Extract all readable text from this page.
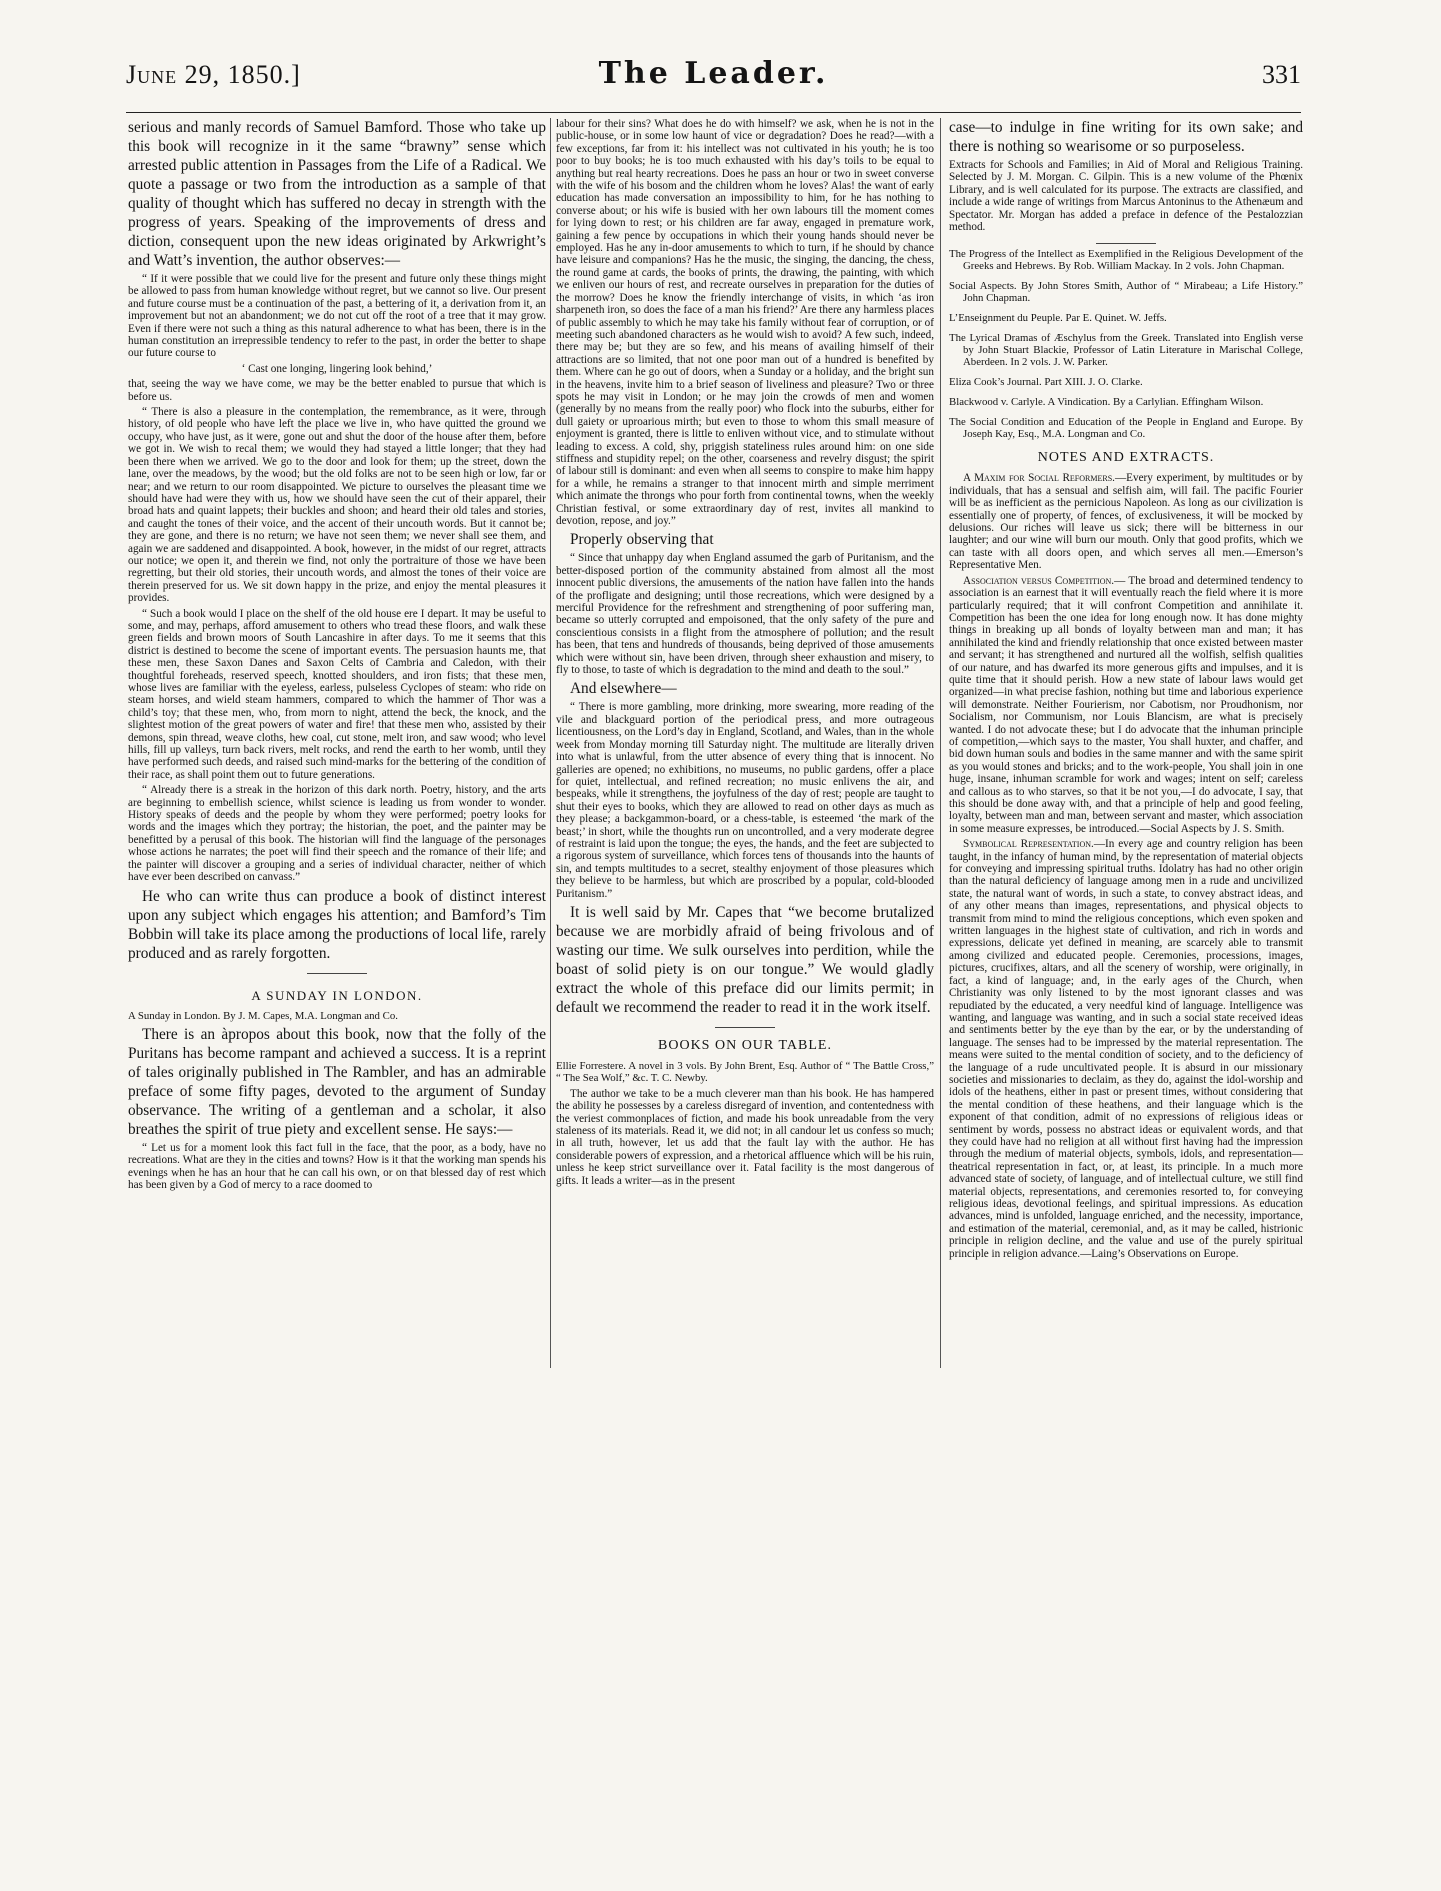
June 29, 1850.]	The Leader.	331

serious and manly records of Samuel Bamford. Those who take up this book will recognize in it the same “brawny” sense which arrested public attention in Passages from the Life of a Radical. We quote a passage or two from the introduction as a sample of that quality of thought which has suffered no decay in strength with the progress of years. Speaking of the improvements of dress and diction, consequent upon the new ideas originated by Arkwright’s and Watt’s invention, the author observes:—

“ If it were possible that we could live for the present and future only these things might be allowed to pass from human knowledge without regret, but we cannot so live. Our present and future course must be a continuation of the past, a bettering of it, a derivation from it, an improvement but not an abandonment; we do not cut off the root of a tree that it may grow. Even if there were not such a thing as this natural adherence to what has been, there is in the human constitution an irrepressible tendency to refer to the past, in order the better to shape our future course to

‘ Cast one longing, lingering look behind,’

that, seeing the way we have come, we may be the better enabled to pursue that which is before us.

“ There is also a pleasure in the contemplation, the remembrance, as it were, through history, of old people who have left the place we live in, who have quitted the ground we occupy, who have just, as it were, gone out and shut the door of the house after them, before we got in. We wish to recal them; we would they had stayed a little longer; that they had been there when we arrived. We go to the door and look for them; up the street, down the lane, over the meadows, by the wood; but the old folks are not to be seen high or low, far or near; and we return to our room disappointed. We picture to ourselves the pleasant time we should have had were they with us, how we should have seen the cut of their apparel, their broad hats and quaint lappets; their buckles and shoon; and heard their old tales and stories, and caught the tones of their voice, and the accent of their uncouth words. But it cannot be; they are gone, and there is no return; we have not seen them; we never shall see them, and again we are saddened and disappointed. A book, however, in the midst of our regret, attracts our notice; we open it, and therein we find, not only the portraiture of those we have been regretting, but their old stories, their uncouth words, and almost the tones of their voice are therein preserved for us. We sit down happy in the prize, and enjoy the mental pleasures it provides.

“ Such a book would I place on the shelf of the old house ere I depart. It may be useful to some, and may, perhaps, afford amusement to others who tread these floors, and walk these green fields and brown moors of South Lancashire in after days. To me it seems that this district is destined to become the scene of important events. The persuasion haunts me, that these men, these Saxon Danes and Saxon Celts of Cambria and Caledon, with their thoughtful foreheads, reserved speech, knotted shoulders, and iron fists; that these men, whose lives are familiar with the eyeless, earless, pulseless Cyclopes of steam: who ride on steam horses, and wield steam hammers, compared to which the hammer of Thor was a child’s toy; that these men, who, from morn to night, attend the beck, the knock, and the slightest motion of the great powers of water and fire! that these men who, assisted by their demons, spin thread, weave cloths, hew coal, cut stone, melt iron, and saw wood; who level hills, fill up valleys, turn back rivers, melt rocks, and rend the earth to her womb, until they have performed such deeds, and raised such mind-marks for the bettering of the condition of their race, as shall point them out to future generations.

“ Already there is a streak in the horizon of this dark north. Poetry, history, and the arts are beginning to embellish science, whilst science is leading us from wonder to wonder. History speaks of deeds and the people by whom they were performed; poetry looks for words and the images which they portray; the historian, the poet, and the painter may be benefitted by a perusal of this book. The historian will find the language of the personages whose actions he narrates; the poet will find their speech and the romance of their life; and the painter will discover a grouping and a series of individual character, neither of which have ever been described on canvass.”

He who can write thus can produce a book of distinct interest upon any subject which engages his attention; and Bamford’s Tim Bobbin will take its place among the productions of local life, rarely produced and as rarely forgotten.

A SUNDAY IN LONDON.

A Sunday in London. By J. M. Capes, M.A. Longman and Co.

There is an àpropos about this book, now that the folly of the Puritans has become rampant and achieved a success. It is a reprint of tales originally published in The Rambler, and has an admirable preface of some fifty pages, devoted to the argument of Sunday observance. The writing of a gentleman and a scholar, it also breathes the spirit of true piety and excellent sense. He says:—

“ Let us for a moment look this fact full in the face, that the poor, as a body, have no recreations. What are they in the cities and towns? How is it that the working man spends his evenings when he has an hour that he can call his own, or on that blessed day of rest which has been given by a God of mercy to a race doomed to

labour for their sins? What does he do with himself? we ask, when he is not in the public-house, or in some low haunt of vice or degradation? Does he read?—with a few exceptions, far from it: his intellect was not cultivated in his youth; he is too poor to buy books; he is too much exhausted with his day’s toils to be equal to anything but real hearty recreations. Does he pass an hour or two in sweet converse with the wife of his bosom and the children whom he loves? Alas! the want of early education has made conversation an impossibility to him, for he has nothing to converse about; or his wife is busied with her own labours till the moment comes for lying down to rest; or his children are far away, engaged in premature work, gaining a few pence by occupations in which their young hands should never be employed. Has he any in-door amusements to which to turn, if he should by chance have leisure and companions? Has he the music, the singing, the dancing, the chess, the round game at cards, the books of prints, the drawing, the painting, with which we enliven our hours of rest, and recreate ourselves in preparation for the duties of the morrow? Does he know the friendly interchange of visits, in which ‘as iron sharpeneth iron, so does the face of a man his friend?’ Are there any harmless places of public assembly to which he may take his family without fear of corruption, or of meeting such abandoned characters as he would wish to avoid? A few such, indeed, there may be; but they are so few, and his means of availing himself of their attractions are so limited, that not one poor man out of a hundred is benefited by them. Where can he go out of doors, when a Sunday or a holiday, and the bright sun in the heavens, invite him to a brief season of liveliness and pleasure? Two or three spots he may visit in London; or he may join the crowds of men and women (generally by no means from the really poor) who flock into the suburbs, either for dull gaiety or uproarious mirth; but even to those to whom this small measure of enjoyment is granted, there is little to enliven without vice, and to stimulate without leading to excess. A cold, shy, priggish stateliness rules around him: on one side stiffness and stupidity repel; on the other, coarseness and revelry disgust; the spirit of labour still is dominant: and even when all seems to conspire to make him happy for a while, he remains a stranger to that innocent mirth and simple merriment which animate the throngs who pour forth from continental towns, when the weekly Christian festival, or some extraordinary day of rest, invites all mankind to devotion, repose, and joy.”

Properly observing that

“ Since that unhappy day when England assumed the garb of Puritanism, and the better-disposed portion of the community abstained from almost all the most innocent public diversions, the amusements of the nation have fallen into the hands of the profligate and designing; until those recreations, which were designed by a merciful Providence for the refreshment and strengthening of poor suffering man, became so utterly corrupted and empoisoned, that the only safety of the pure and conscientious consists in a flight from the atmosphere of pollution; and the result has been, that tens and hundreds of thousands, being deprived of those amusements which were without sin, have been driven, through sheer exhaustion and misery, to fly to those, to taste of which is degradation to the mind and death to the soul.”

And elsewhere—

“ There is more gambling, more drinking, more swearing, more reading of the vile and blackguard portion of the periodical press, and more outrageous licentiousness, on the Lord’s day in England, Scotland, and Wales, than in the whole week from Monday morning till Saturday night. The multitude are literally driven into what is unlawful, from the utter absence of every thing that is innocent. No galleries are opened; no exhibitions, no museums, no public gardens, offer a place for quiet, intellectual, and refined recreation; no music enlivens the air, and bespeaks, while it strengthens, the joyfulness of the day of rest; people are taught to shut their eyes to books, which they are allowed to read on other days as much as they please; a backgammon-board, or a chess-table, is esteemed ‘the mark of the beast;’ in short, while the thoughts run on uncontrolled, and a very moderate degree of restraint is laid upon the tongue; the eyes, the hands, and the feet are subjected to a rigorous system of surveillance, which forces tens of thousands into the haunts of sin, and tempts multitudes to a secret, stealthy enjoyment of those pleasures which they believe to be harmless, but which are proscribed by a popular, cold-blooded Puritanism.”

It is well said by Mr. Capes that “we become brutalized because we are morbidly afraid of being frivolous and of wasting our time. We sulk ourselves into perdition, while the boast of solid piety is on our tongue.” We would gladly extract the whole of this preface did our limits permit; in default we recommend the reader to read it in the work itself.

BOOKS ON OUR TABLE.

Ellie Forrestere. A novel in 3 vols. By John Brent, Esq. Author of “ The Battle Cross,” “ The Sea Wolf,” &c. T. C. Newby.

The author we take to be a much cleverer man than his book. He has hampered the ability he possesses by a careless disregard of invention, and contentedness with the veriest commonplaces of fiction, and made his book unreadable from the very staleness of its materials. Read it, we did not; in all candour let us confess so much; in all truth, however, let us add that the fault lay with the author. He has considerable powers of expression, and a rhetorical affluence which will be his ruin, unless he keep strict surveillance over it. Fatal facility is the most dangerous of gifts. It leads a writer—as in the present

case—to indulge in fine writing for its own sake; and there is nothing so wearisome or so purposeless.

Extracts for Schools and Families; in Aid of Moral and Religious Training. Selected by J. M. Morgan. C. Gilpin. This is a new volume of the Phœnix Library, and is well calculated for its purpose. The extracts are classified, and include a wide range of writings from Marcus Antoninus to the Athenæum and Spectator. Mr. Morgan has added a preface in defence of the Pestalozzian method.

The Progress of the Intellect as Exemplified in the Religious Development of the Greeks and Hebrews. By Rob. William Mackay. In 2 vols. John Chapman.

Social Aspects. By John Stores Smith, Author of “ Mirabeau; a Life History.” John Chapman.

L’Enseignment du Peuple. Par E. Quinet. W. Jeffs.

The Lyrical Dramas of Æschylus from the Greek. Translated into English verse by John Stuart Blackie, Professor of Latin Literature in Marischal College, Aberdeen. In 2 vols. J. W. Parker.

Eliza Cook’s Journal. Part XIII. J. O. Clarke.

Blackwood v. Carlyle. A Vindication. By a Carlylian. Effingham Wilson.

The Social Condition and Education of the People in England and Europe. By Joseph Kay, Esq., M.A. Longman and Co.

NOTES AND EXTRACTS.

A Maxim for Social Reformers.—Every experiment, by multitudes or by individuals, that has a sensual and selfish aim, will fail. The pacific Fourier will be as inefficient as the pernicious Napoleon. As long as our civilization is essentially one of property, of fences, of exclusiveness, it will be mocked by delusions. Our riches will leave us sick; there will be bitterness in our laughter; and our wine will burn our mouth. Only that good profits, which we can taste with all doors open, and which serves all men.—Emerson’s Representative Men.

Association versus Competition.— The broad and determined tendency to association is an earnest that it will eventually reach the field where it is more particularly required; that it will confront Competition and annihilate it. Competition has been the one idea for long enough now. It has done mighty things in breaking up all bonds of loyalty between man and man; it has annihilated the kind and friendly relationship that once existed between master and servant; it has strengthened and nurtured all the wolfish, selfish qualities of our nature, and has dwarfed its more generous gifts and impulses, and it is quite time that it should perish. How a new state of labour laws would get organized—in what precise fashion, nothing but time and laborious experience will demonstrate. Neither Fourierism, nor Cabotism, nor Proudhonism, nor Socialism, nor Communism, nor Louis Blancism, are what is precisely wanted. I do not advocate these; but I do advocate that the inhuman principle of competition,—which says to the master, You shall huxter, and chaffer, and bid down human souls and bodies in the same manner and with the same spirit as you would stones and bricks; and to the work-people, You shall join in one huge, insane, inhuman scramble for work and wages; intent on self; careless and callous as to who starves, so that it be not you,—I do advocate, I say, that this should be done away with, and that a principle of help and good feeling, loyalty, between man and man, between servant and master, which association in some measure expresses, be introduced.—Social Aspects by J. S. Smith.

Symbolical Representation.—In every age and country religion has been taught, in the infancy of human mind, by the representation of material objects for conveying and impressing spiritual truths. Idolatry has had no other origin than the natural deficiency of language among men in a rude and uncivilized state, the natural want of words, in such a state, to convey abstract ideas, and of any other means than images, representations, and physical objects to transmit from mind to mind the religious conceptions, which even spoken and written languages in the highest state of cultivation, and rich in words and expressions, delicate yet defined in meaning, are scarcely able to transmit among civilized and educated people. Ceremonies, processions, images, pictures, crucifixes, altars, and all the scenery of worship, were originally, in fact, a kind of language; and, in the early ages of the Church, when Christianity was only listened to by the most ignorant classes and was repudiated by the educated, a very needful kind of language. Intelligence was wanting, and language was wanting, and in such a social state received ideas and sentiments better by the eye than by the ear, or by the understanding of language. The senses had to be impressed by the material representation. The means were suited to the mental condition of society, and to the deficiency of the language of a rude uncultivated people. It is absurd in our missionary societies and missionaries to declaim, as they do, against the idol-worship and idols of the heathens, either in past or present times, without considering that the mental condition of these heathens, and their language which is the exponent of that condition, admit of no expressions of religious ideas or sentiment by words, possess no abstract ideas or equivalent words, and that they could have had no religion at all without first having had the impression through the medium of material objects, symbols, idols, and representation—theatrical representation in fact, or, at least, its principle. In a much more advanced state of society, of language, and of intellectual culture, we still find material objects, representations, and ceremonies resorted to, for conveying religious ideas, devotional feelings, and spiritual impressions. As education advances, mind is unfolded, language enriched, and the necessity, importance, and estimation of the material, ceremonial, and, as it may be called, histrionic principle in religion decline, and the value and use of the purely spiritual principle in religion advance.—Laing’s Observations on Europe.
